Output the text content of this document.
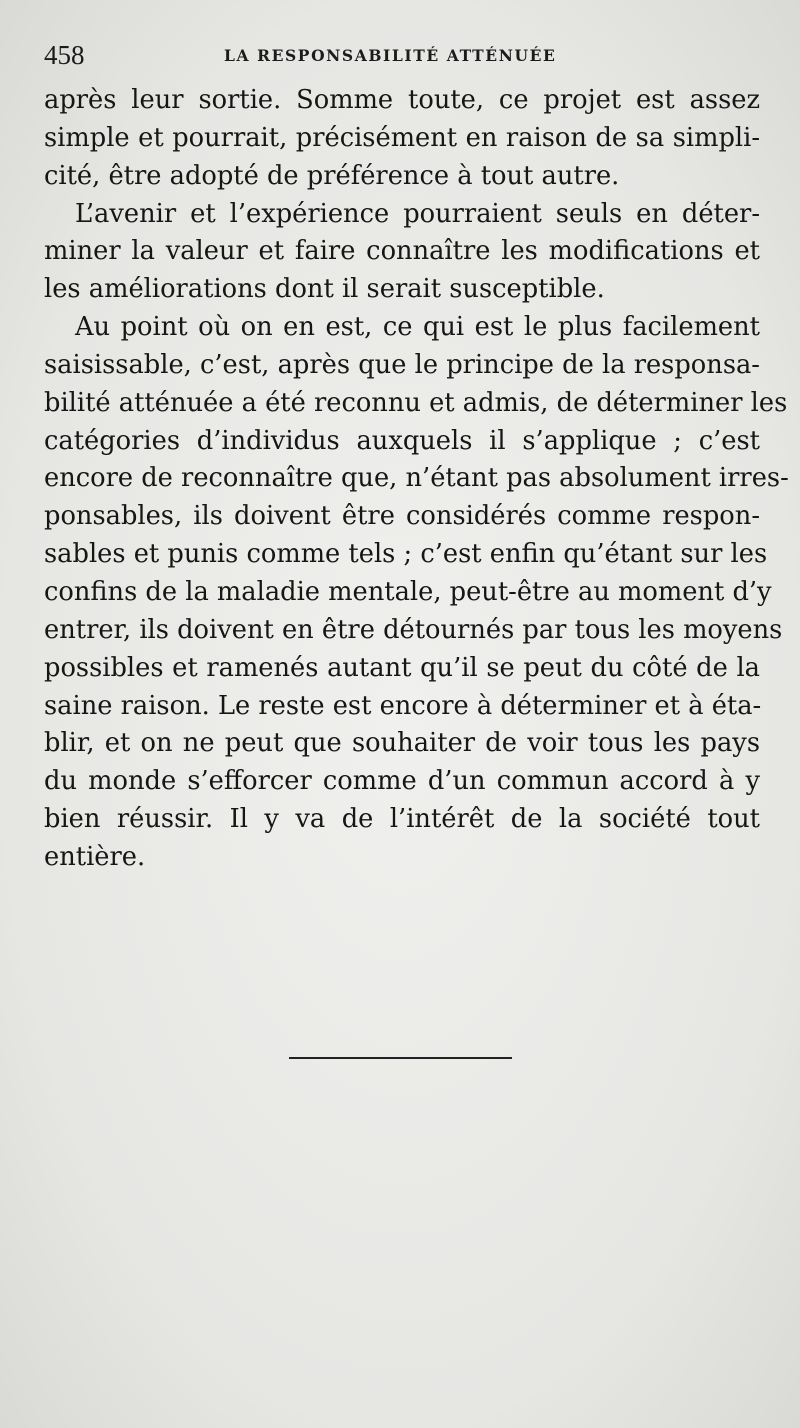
458	LA RESPONSABILITÉ ATTÉNUÉE
après leur sortie. Somme toute, ce projet est assez
simple et pourrait, précisément en raison de sa simpli-
cité, être adopté de préférence à tout autre.
L’avenir et l’expérience pourraient seuls en déter-
miner la valeur et faire connaître les modifications et
les améliorations dont il serait susceptible.
Au point où on en est, ce qui est le plus facilement
saisissable, c’est, après que le principe de la responsa-
bilité atténuée a été reconnu et admis, de déterminer les
catégories d’individus auxquels il s’applique ; c’est
encore de reconnaître que, n’étant pas absolument irres-
ponsables, ils doivent être considérés comme respon-
sables et punis comme tels ; c’est enfin qu’étant sur les
confins de la maladie mentale, peut-être au moment d’y
entrer, ils doivent en être détournés par tous les moyens
possibles et ramenés autant qu’il se peut du côté de la
saine raison. Le reste est encore à déterminer et à éta-
blir, et on ne peut que souhaiter de voir tous les pays
du monde s’efforcer comme d’un commun accord à y
bien réussir. Il y va de l’intérêt de la société tout
entière.
